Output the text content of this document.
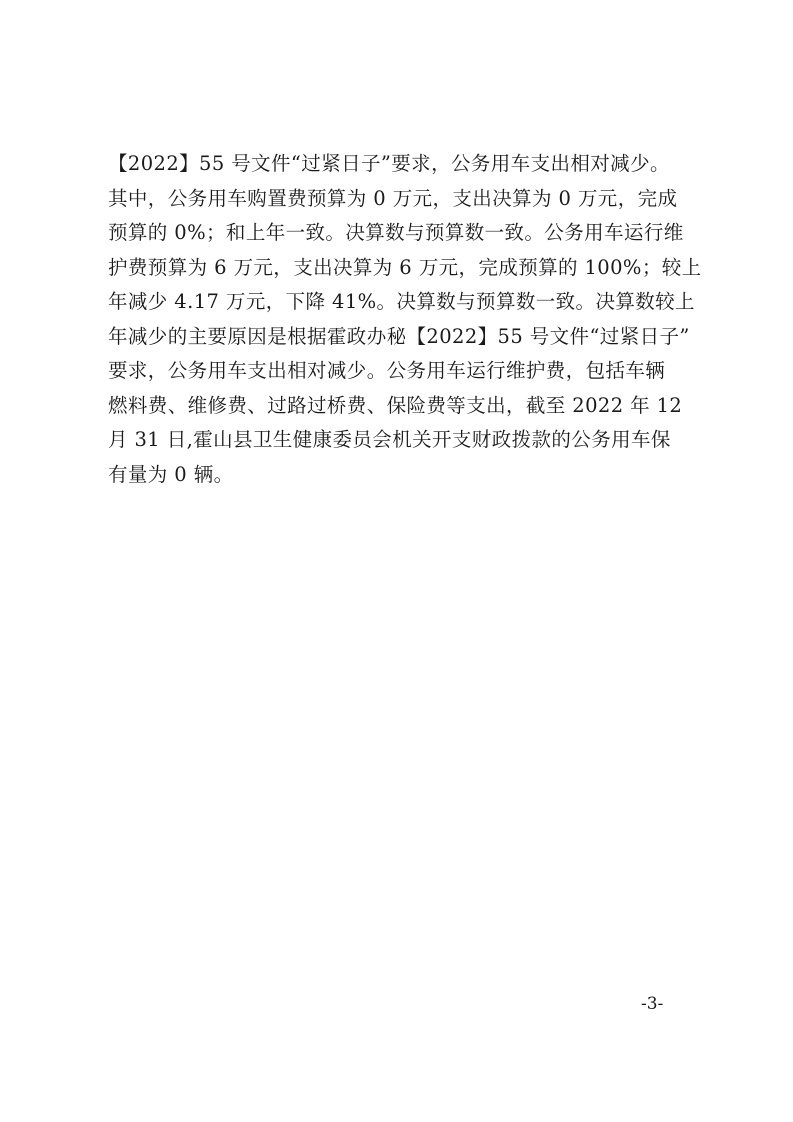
【2022】55 号文件“过紧日子”要求，公务用车支出相对减少。
其中，公务用车购置费预算为 0 万元，支出决算为 0 万元，完成
预算的 0%；和上年一致。决算数与预算数一致。公务用车运行维
护费预算为 6 万元，支出决算为 6 万元，完成预算的 100%；较上
年减少 4.17 万元，下降 41%。决算数与预算数一致。决算数较上
年减少的主要原因是根据霍政办秘【2022】55 号文件“过紧日子”
要求，公务用车支出相对减少。公务用车运行维护费，包括车辆
燃料费、维修费、过路过桥费、保险费等支出，截至 2022 年 12
月 31 日,霍山县卫生健康委员会机关开支财政拨款的公务用车保
有量为 0 辆。
-3-
